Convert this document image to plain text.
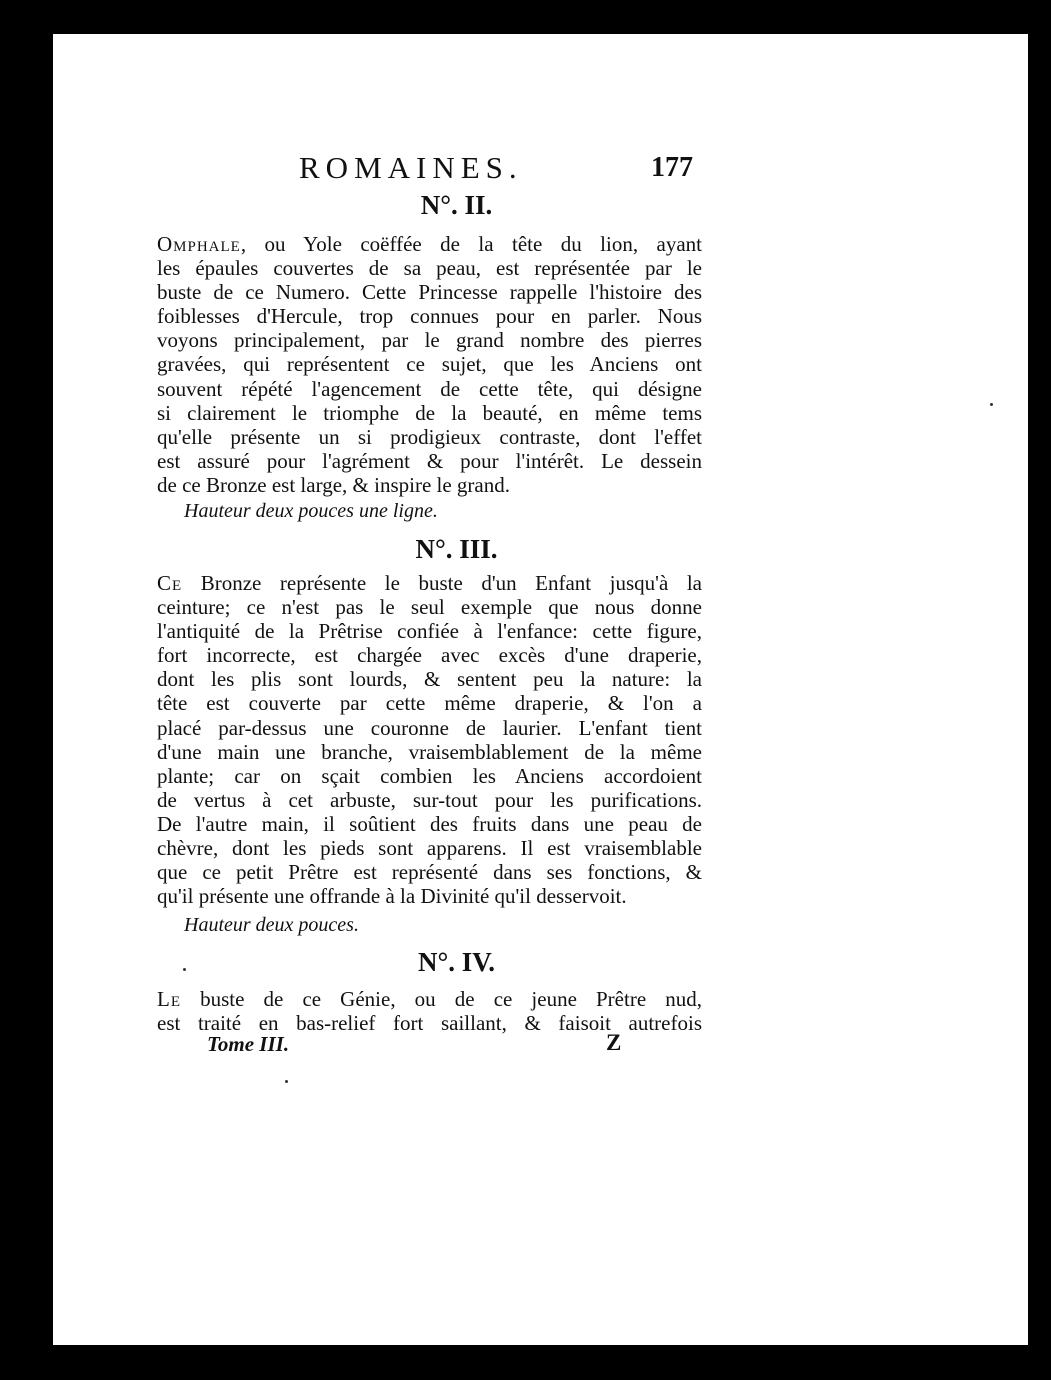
ROMAINES.	177
N°. II.
Omphale, ou Yole coëffée de la tête du lion, ayant
les épaules couvertes de sa peau, est représentée par le
buste de ce Numero. Cette Princesse rappelle l'histoire des
foiblesses d'Hercule, trop connues pour en parler. Nous
voyons principalement, par le grand nombre des pierres
gravées, qui représentent ce sujet, que les Anciens ont
souvent répété l'agencement de cette tête, qui désigne
si clairement le triomphe de la beauté, en même tems
qu'elle présente un si prodigieux contraste, dont l'effet
est assuré pour l'agrément & pour l'intérêt. Le dessein
de ce Bronze est large, & inspire le grand.
Hauteur deux pouces une ligne.
N°. III.
Ce Bronze représente le buste d'un Enfant jusqu'à la
ceinture; ce n'est pas le seul exemple que nous donne
l'antiquité de la Prêtrise confiée à l'enfance: cette figure,
fort incorrecte, est chargée avec excès d'une draperie,
dont les plis sont lourds, & sentent peu la nature: la
tête est couverte par cette même draperie, & l'on a
placé par-dessus une couronne de laurier. L'enfant tient
d'une main une branche, vraisemblablement de la même
plante; car on sçait combien les Anciens accordoient
de vertus à cet arbuste, sur-tout pour les purifications.
De l'autre main, il soûtient des fruits dans une peau de
chèvre, dont les pieds sont apparens. Il est vraisemblable
que ce petit Prêtre est représenté dans ses fonctions, &
qu'il présente une offrande à la Divinité qu'il desservoit.
Hauteur deux pouces.
N°. IV.
Le buste de ce Génie, ou de ce jeune Prêtre nud,
est traité en bas-relief fort saillant, & faisoit autrefois
Tome III.	Z
